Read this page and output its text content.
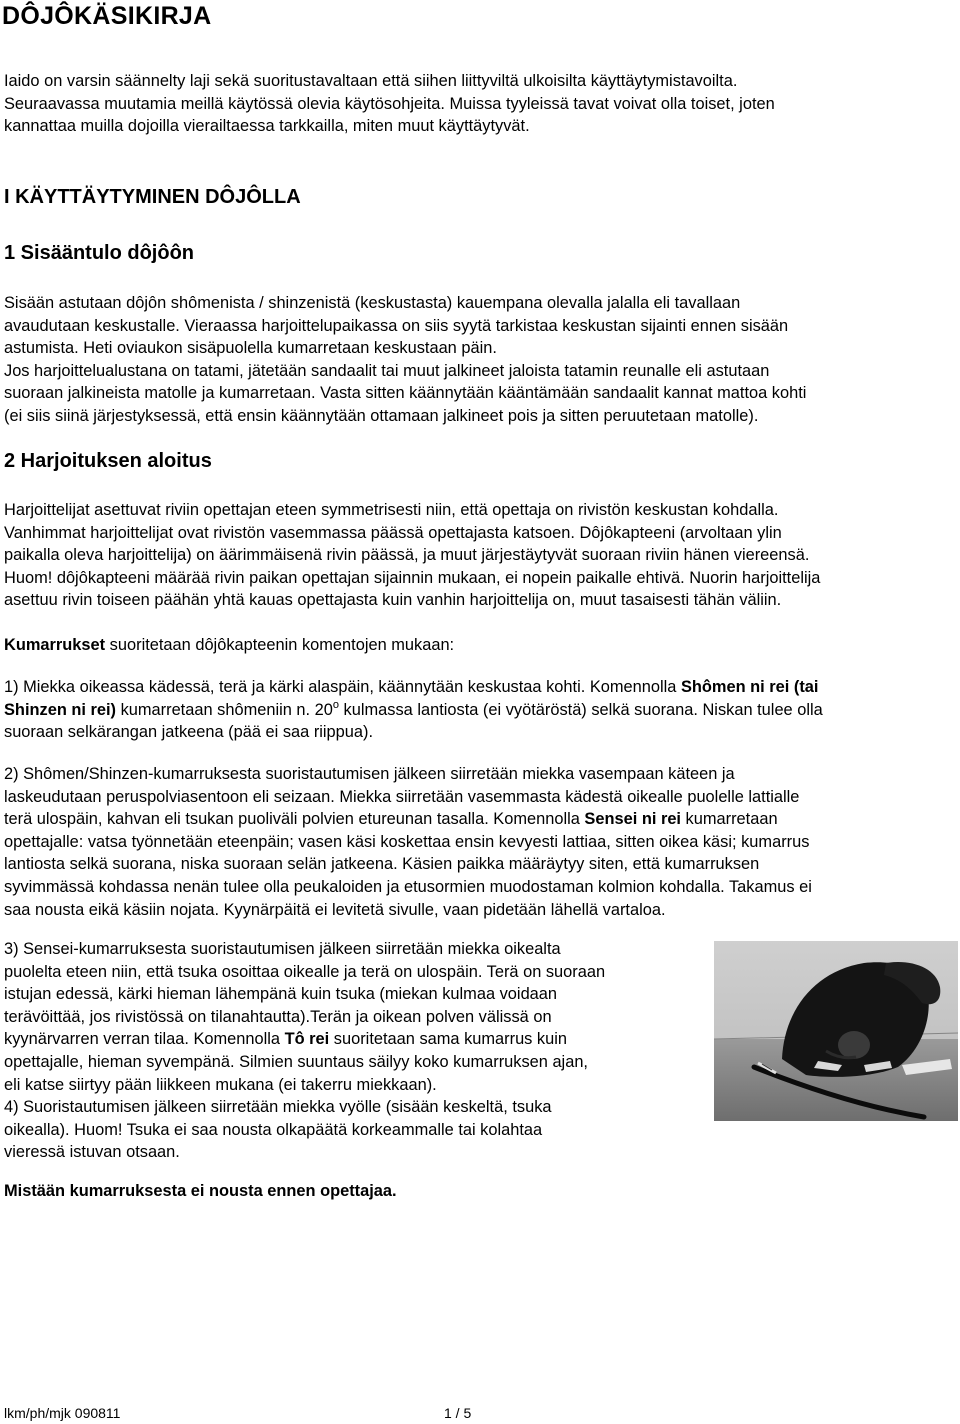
DÔJÔKÄSIKIRJA

Iaido on varsin säännelty laji sekä suoritustavaltaan että siihen liittyviltä ulkoisilta käyttäytymistavoilta.
Seuraavassa muutamia meillä käytössä olevia käytösohjeita. Muissa tyyleissä tavat voivat olla toiset, joten
kannattaa muilla dojoilla vierailtaessa tarkkailla, miten muut käyttäytyvät.

I KÄYTTÄYTYMINEN DÔJÔLLA
1 Sisääntulo dôjôôn

Sisään astutaan dôjôn shômenista / shinzenistä (keskustasta) kauempana olevalla jalalla eli tavallaan
avaudutaan keskustalle. Vieraassa harjoittelupaikassa on siis syytä tarkistaa keskustan sijainti ennen sisään
astumista. Heti oviaukon sisäpuolella kumarretaan keskustaan päin.
Jos harjoittelualustana on tatami, jätetään sandaalit tai muut jalkineet jaloista tatamin reunalle eli astutaan
suoraan jalkineista matolle ja kumarretaan. Vasta sitten käännytään kääntämään sandaalit kannat mattoa kohti
(ei siis siinä järjestyksessä, että ensin käännytään ottamaan jalkineet pois ja sitten peruutetaan matolle).

2 Harjoituksen aloitus

Harjoittelijat asettuvat riviin opettajan eteen symmetrisesti niin, että opettaja on rivistön keskustan kohdalla.
Vanhimmat harjoittelijat ovat rivistön vasemmassa päässä opettajasta katsoen. Dôjôkapteeni (arvoltaan ylin
paikalla oleva harjoittelija) on äärimmäisenä rivin päässä, ja muut järjestäytyvät suoraan riviin hänen viereensä.
Huom! dôjôkapteeni määrää rivin paikan opettajan sijainnin mukaan, ei nopein paikalle ehtivä. Nuorin harjoittelija
asettuu rivin toiseen päähän yhtä kauas opettajasta kuin vanhin harjoittelija on, muut tasaisesti tähän väliin.

Kumarrukset suoritetaan dôjôkapteenin komentojen mukaan:

1) Miekka oikeassa kädessä, terä ja kärki alaspäin, käännytään keskustaa kohti. Komennolla Shômen ni rei (tai
Shinzen ni rei) kumarretaan shômeniin n. 20$^o$ kulmassa lantiosta (ei vyötäröstä) selkä suorana. Niskan tulee olla
suoraan selkärangan jatkeena (pää ei saa riippua).

2) Shômen/Shinzen-kumarruksesta suoristautumisen jälkeen siirretään miekka vasempaan käteen ja
laskeudutaan peruspolviasentoon eli seizaan. Miekka siirretään vasemmasta kädestä oikealle puolelle lattialle
terä ulospäin, kahvan eli tsukan puoliväli polvien etureunan tasalla. Komennolla Sensei ni rei kumarretaan
opettajalle: vatsa työnnetään eteenpäin; vasen käsi koskettaa ensin kevyesti lattiaa, sitten oikea käsi; kumarrus
lantiosta selkä suorana, niska suoraan selän jatkeena. Käsien paikka määräytyy siten, että kumarruksen
syvimmässä kohdassa nenän tulee olla peukaloiden ja etusormien muodostaman kolmion kohdalla. Takamus ei
saa nousta eikä käsiin nojata. Kyynärpäitä ei levitetä sivulle, vaan pidetään lähellä vartaloa.

3) Sensei-kumarruksesta suoristautumisen jälkeen siirretään miekka oikealta
puolelta eteen niin, että tsuka osoittaa oikealle ja terä on ulospäin. Terä on suoraan
istujan edessä, kärki hieman lähempänä kuin tsuka (miekan kulmaa voidaan
terävöittää, jos rivistössä on tilanahtautta).Terän ja oikean polven välissä on
kyynärvarren verran tilaa. Komennolla Tô rei suoritetaan sama kumarrus kuin
opettajalle, hieman syvempänä. Silmien suuntaus säilyy koko kumarruksen ajan,
eli katse siirtyy pään liikkeen mukana (ei takerru miekkaan).
4) Suoristautumisen jälkeen siirretään miekka vyölle (sisään keskeltä, tsuka
oikealla). Huom! Tsuka ei saa nousta olkapäätä korkeammalle tai kolahtaa
vieressä istuvan otsaan.

Mistään kumarruksesta ei nousta ennen opettajaa.

lkm/ph/mjk 090811	1 / 5
